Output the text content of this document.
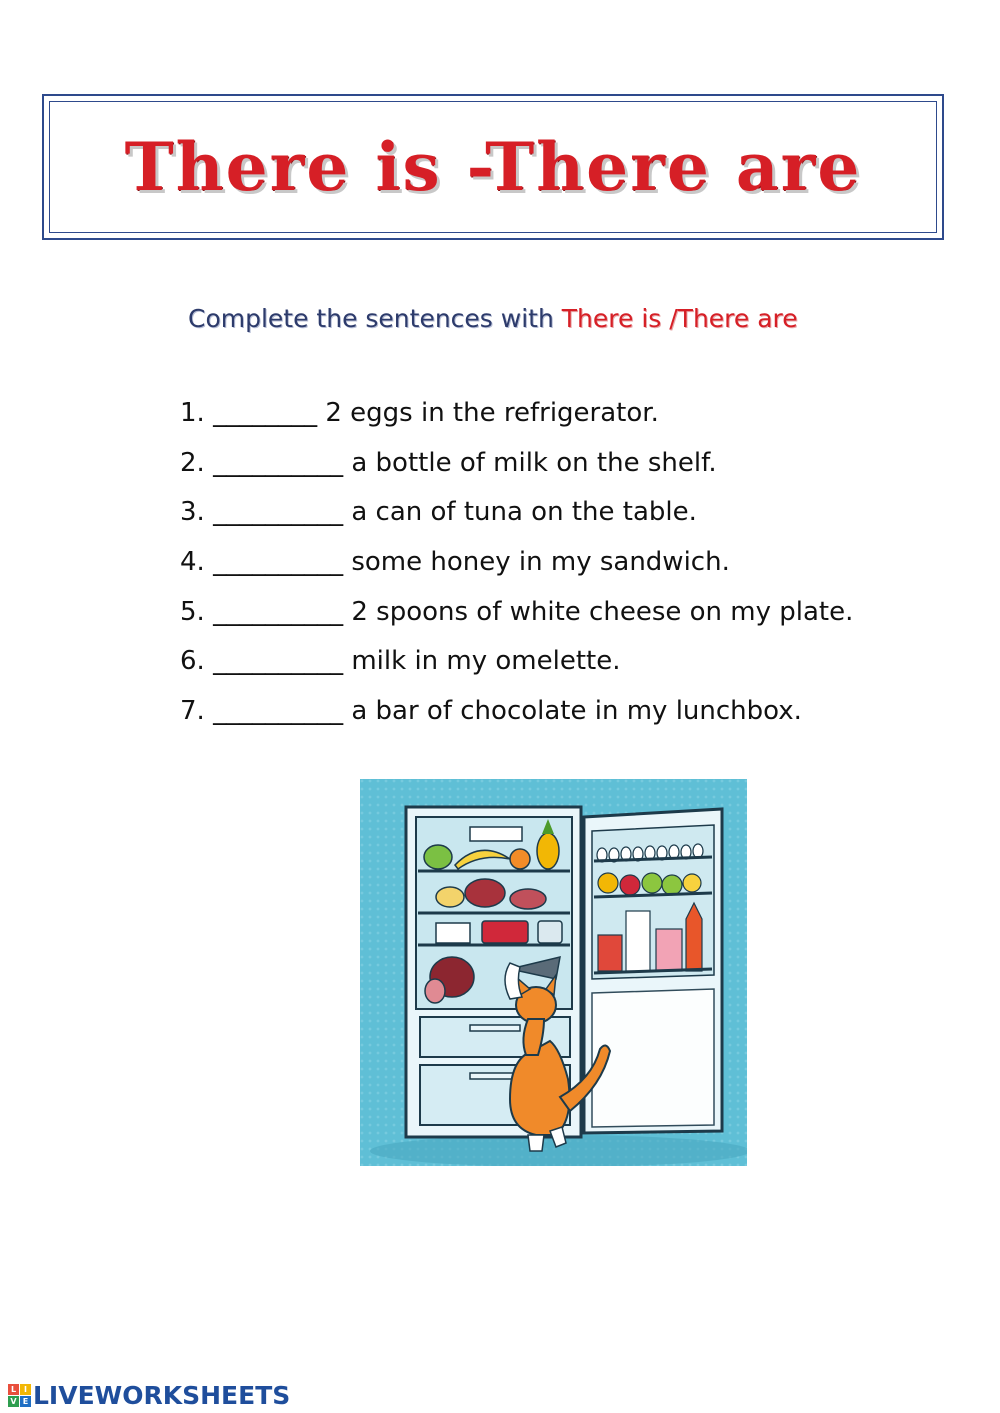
There is -There are
Complete the sentences with There is /There are
1. ________ 2 eggs in the refrigerator.
2. __________ a bottle of milk on the shelf.
3. __________ a can of tuna on the table.
4. __________ some honey in my sandwich.
5. __________ 2 spoons of white cheese on my plate.
6. __________ milk in my omelette.
7. __________ a bar of chocolate in my lunchbox.
L I
V E LIVEWORKSHEETS
